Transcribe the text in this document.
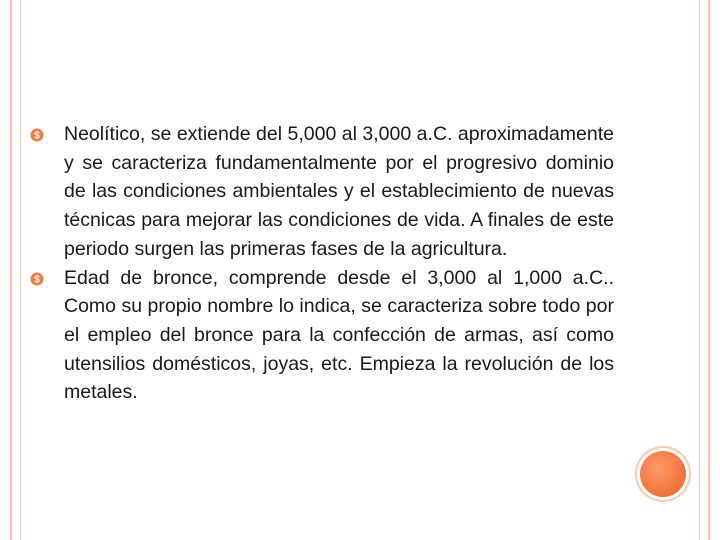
$ Neolítico, se extiende del 5,000 al 3,000 a.C. aproximadamente y se caracteriza fundamentalmente por el progresivo dominio de las condiciones ambientales y el establecimiento de nuevas técnicas para mejorar las condiciones de vida. A finales de este periodo surgen las primeras fases de la agricultura.
$ Edad de bronce, comprende desde el 3,000 al 1,000 a.C.. Como su propio nombre lo indica, se caracteriza sobre todo por el empleo del bronce para la confección de armas, así como utensilios domésticos, joyas, etc. Empieza la revolución de los metales.
